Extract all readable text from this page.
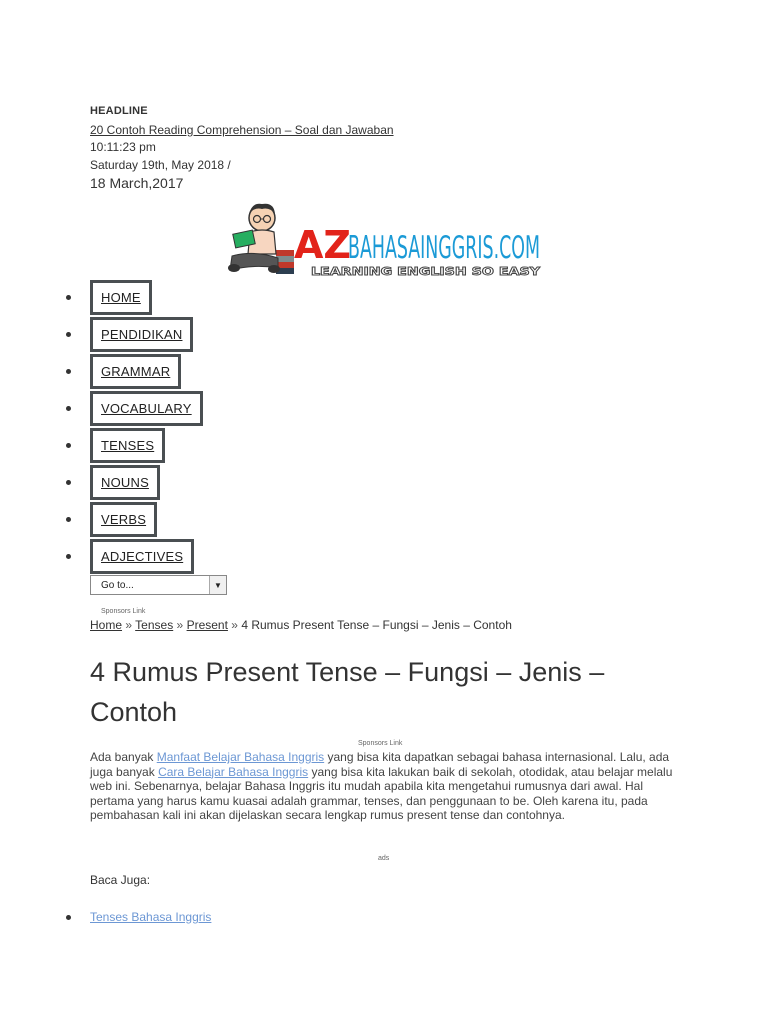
HEADLINE
20 Contoh Reading Comprehension – Soal dan Jawaban
10:11:23 pm
Saturday 19th, May 2018 /
18 March,2017
AZ
BAHASAINGGRIS.COM
LEARNING ENGLISH SO EASY
HOME
PENDIDIKAN
GRAMMAR
VOCABULARY
TENSES
NOUNS
VERBS
ADJECTIVES
Go to...	▼
Sponsors Link
Home » Tenses » Present » 4 Rumus Present Tense – Fungsi – Jenis – Contoh
4 Rumus Present Tense – Fungsi – Jenis – Contoh
Sponsors Link
Ada banyak Manfaat Belajar Bahasa Inggris yang bisa kita dapatkan sebagai bahasa internasional. Lalu, ada juga banyak Cara Belajar Bahasa Inggris yang bisa kita lakukan baik di sekolah, otodidak, atau belajar melalu web ini. Sebenarnya, belajar Bahasa Inggris itu mudah apabila kita mengetahui rumusnya dari awal. Hal pertama yang harus kamu kuasai adalah grammar, tenses, dan penggunaan to be. Oleh karena itu, pada pembahasan kali ini akan dijelaskan secara lengkap rumus present tense dan contohnya.
ads
Baca Juga:
Tenses Bahasa Inggris
